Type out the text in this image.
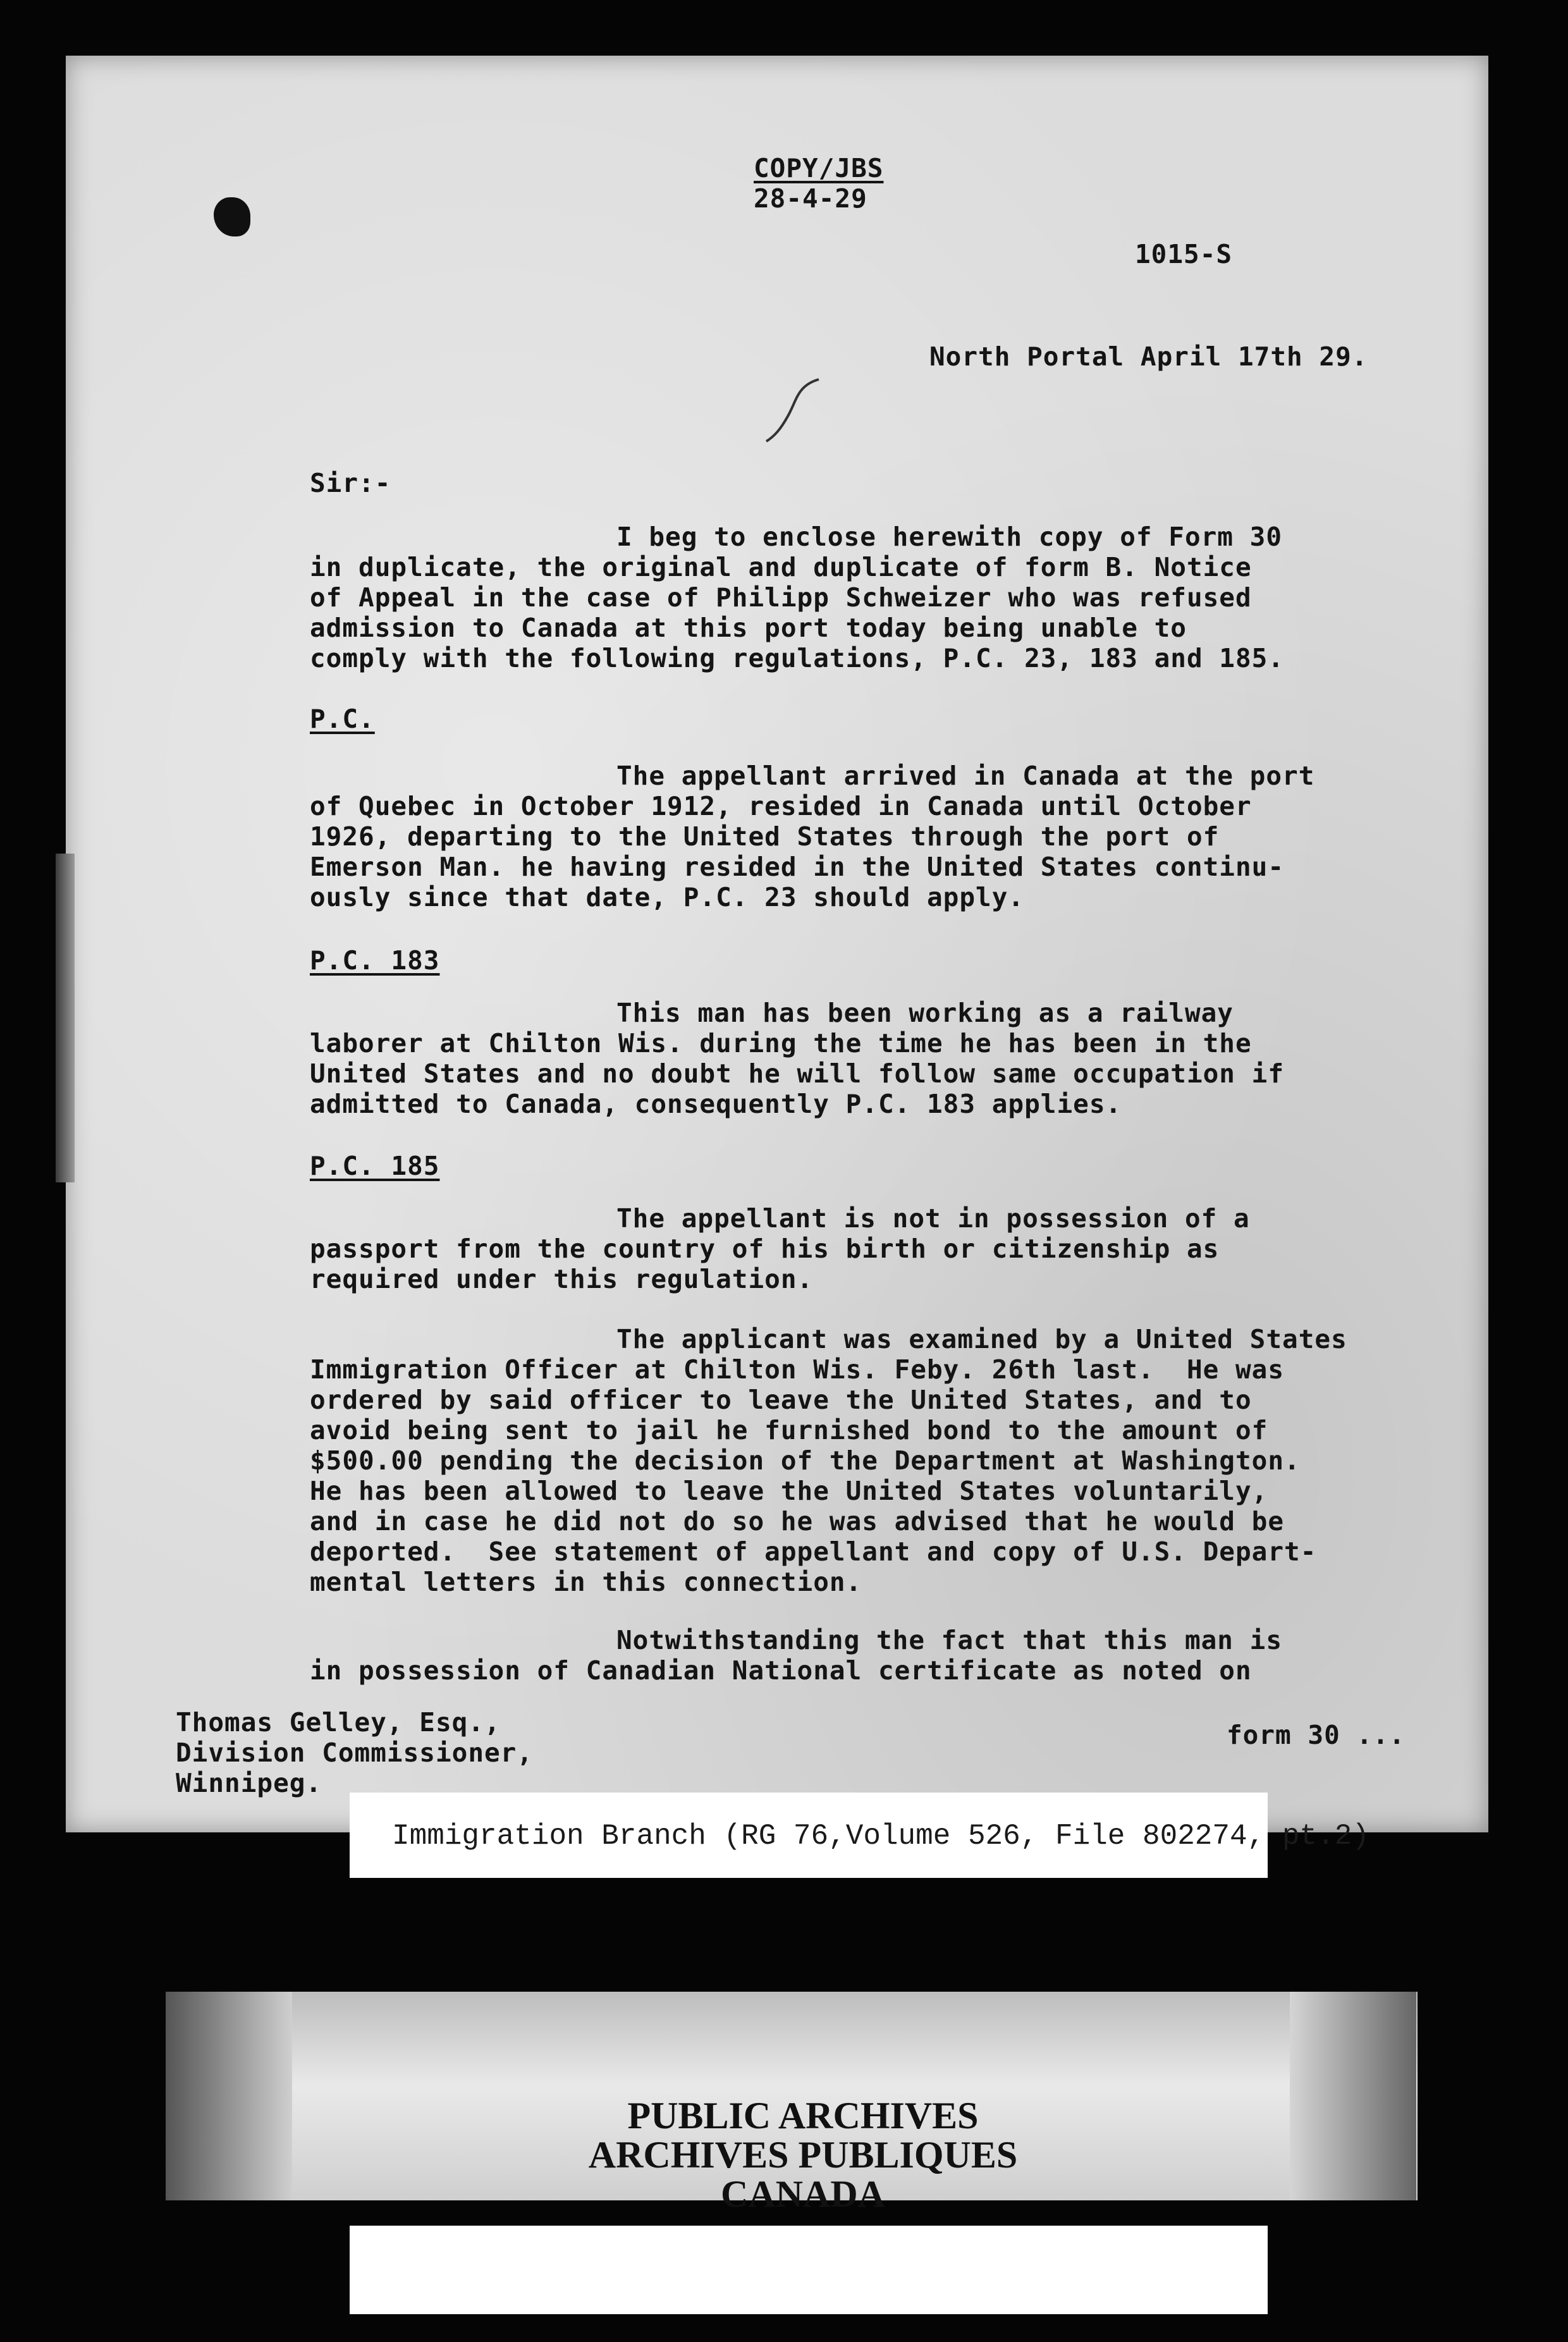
COPY/JBS
28-4-29
1015-S
North Portal April 17th 29.
Sir:-
I beg to enclose herewith copy of Form 30
in duplicate, the original and duplicate of form B. Notice
of Appeal in the case of Philipp Schweizer who was refused
admission to Canada at this port today being unable to
comply with the following regulations, P.C. 23, 183 and 185.
P.C.
The appellant arrived in Canada at the port
of Quebec in October 1912, resided in Canada until October
1926, departing to the United States through the port of
Emerson Man. he having resided in the United States continu-
ously since that date, P.C. 23 should apply.
P.C. 183
This man has been working as a railway
laborer at Chilton Wis. during the time he has been in the
United States and no doubt he will follow same occupation if
admitted to Canada, consequently P.C. 183 applies.
P.C. 185
The appellant is not in possession of a
passport from the country of his birth or citizenship as
required under this regulation.
The applicant was examined by a United States
Immigration Officer at Chilton Wis. Feby. 26th last.  He was
ordered by said officer to leave the United States, and to
avoid being sent to jail he furnished bond to the amount of
$500.00 pending the decision of the Department at Washington.
He has been allowed to leave the United States voluntarily,
and in case he did not do so he was advised that he would be
deported.  See statement of appellant and copy of U.S. Depart-
mental letters in this connection.
Notwithstanding the fact that this man is
in possession of Canadian National certificate as noted on
Thomas Gelley, Esq.,
Division Commissioner,
Winnipeg.
form 30 ...
Immigration Branch (RG 76,Volume 526, File 802274, pt.2)
PUBLIC ARCHIVES
ARCHIVES PUBLIQUES
CANADA
